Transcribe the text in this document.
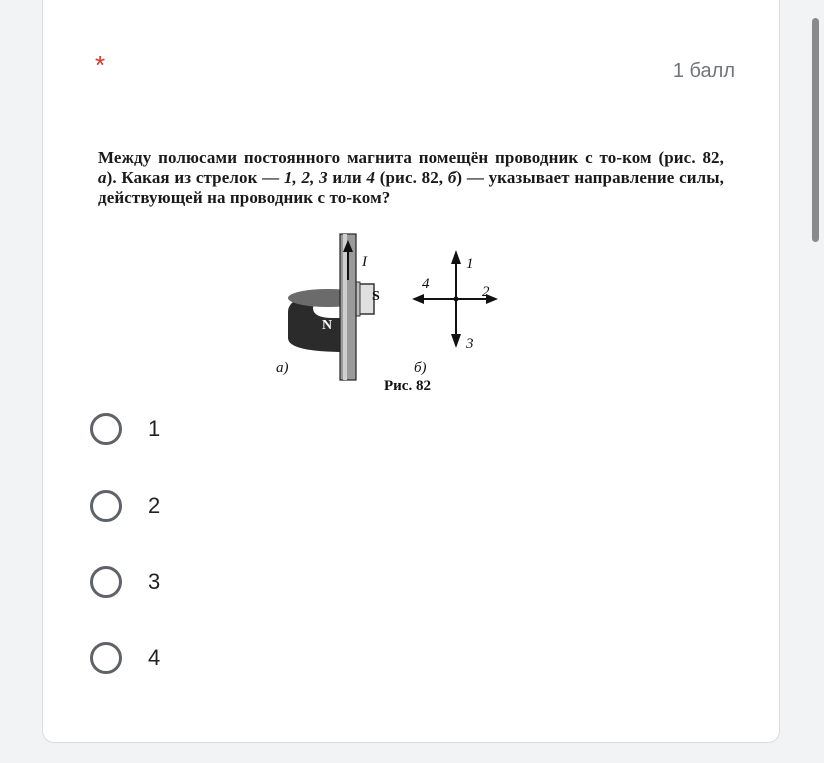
*	1 балл
Между полюсами постоянного магнита помещён проводник с то-ком (рис. 82, а). Какая из стрелок — 1, 2, 3 или 4 (рис. 82, б) — указывает направление силы, действующей на проводник с то-ком?
I
S
N
а)
1
2
3
4
б)
Рис. 82
1
2
3
4
